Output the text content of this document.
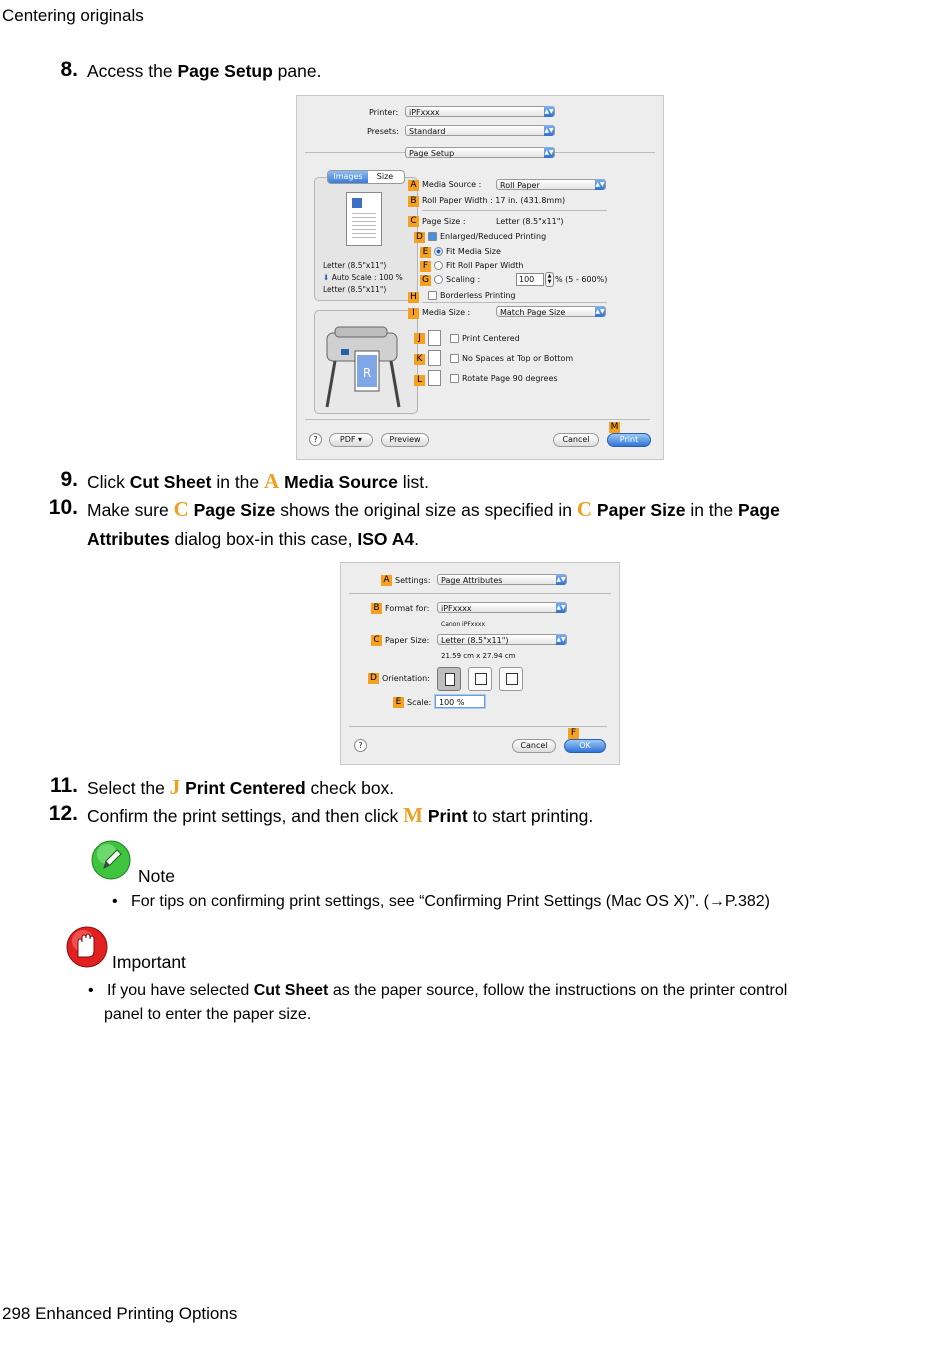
Centering originals
8. Access the Page Setup pane.
Printer:	iPFxxxx	▲▼
Presets:	Standard	▲▼
Page Setup	▲▼
Images Size
Letter (8.5"x11")
⬇ Auto Scale : 100 %
Letter (8.5"x11")
R
A
B
C
D
E
F
G
H
I
J
K
L
M
Media Source :	Roll Paper	▲▼
Roll Paper Width : 17 in. (431.8mm)
Page Size :	Letter (8.5"x11")
Enlarged/Reduced Printing
Fit Media Size
Fit Roll Paper Width
Scaling :	100	▲
▼ % (5 - 600%)
Borderless Printing
Media Size :	Match Page Size	▲▼
Print Centered
No Spaces at Top or Bottom
Rotate Page 90 degrees
?	PDF ▾	Preview	Cancel	Print
9. Click Cut Sheet in the A Media Source list.
10. Make sure C Page Size shows the original size as specified in C Paper Size in the Page
Attributes dialog box-in this case, ISO A4.
A Settings:	Page Attributes	▲▼
B Format for:	iPFxxxx	▲▼
Canon iPFxxxx
C Paper Size:	Letter (8.5"x11")	▲▼
21.59 cm x 27.94 cm
D Orientation:
E Scale: 100 %
F
?	Cancel	OK
11. Select the J Print Centered check box.
12. Confirm the print settings, and then click M Print to start printing.
Note
•   For tips on confirming print settings, see “Confirming Print Settings (Mac OS X)”. (→P.382)
Important
•   If you have selected Cut Sheet as the paper source, follow the instructions on the printer control
panel to enter the paper size.
298 Enhanced Printing Options
